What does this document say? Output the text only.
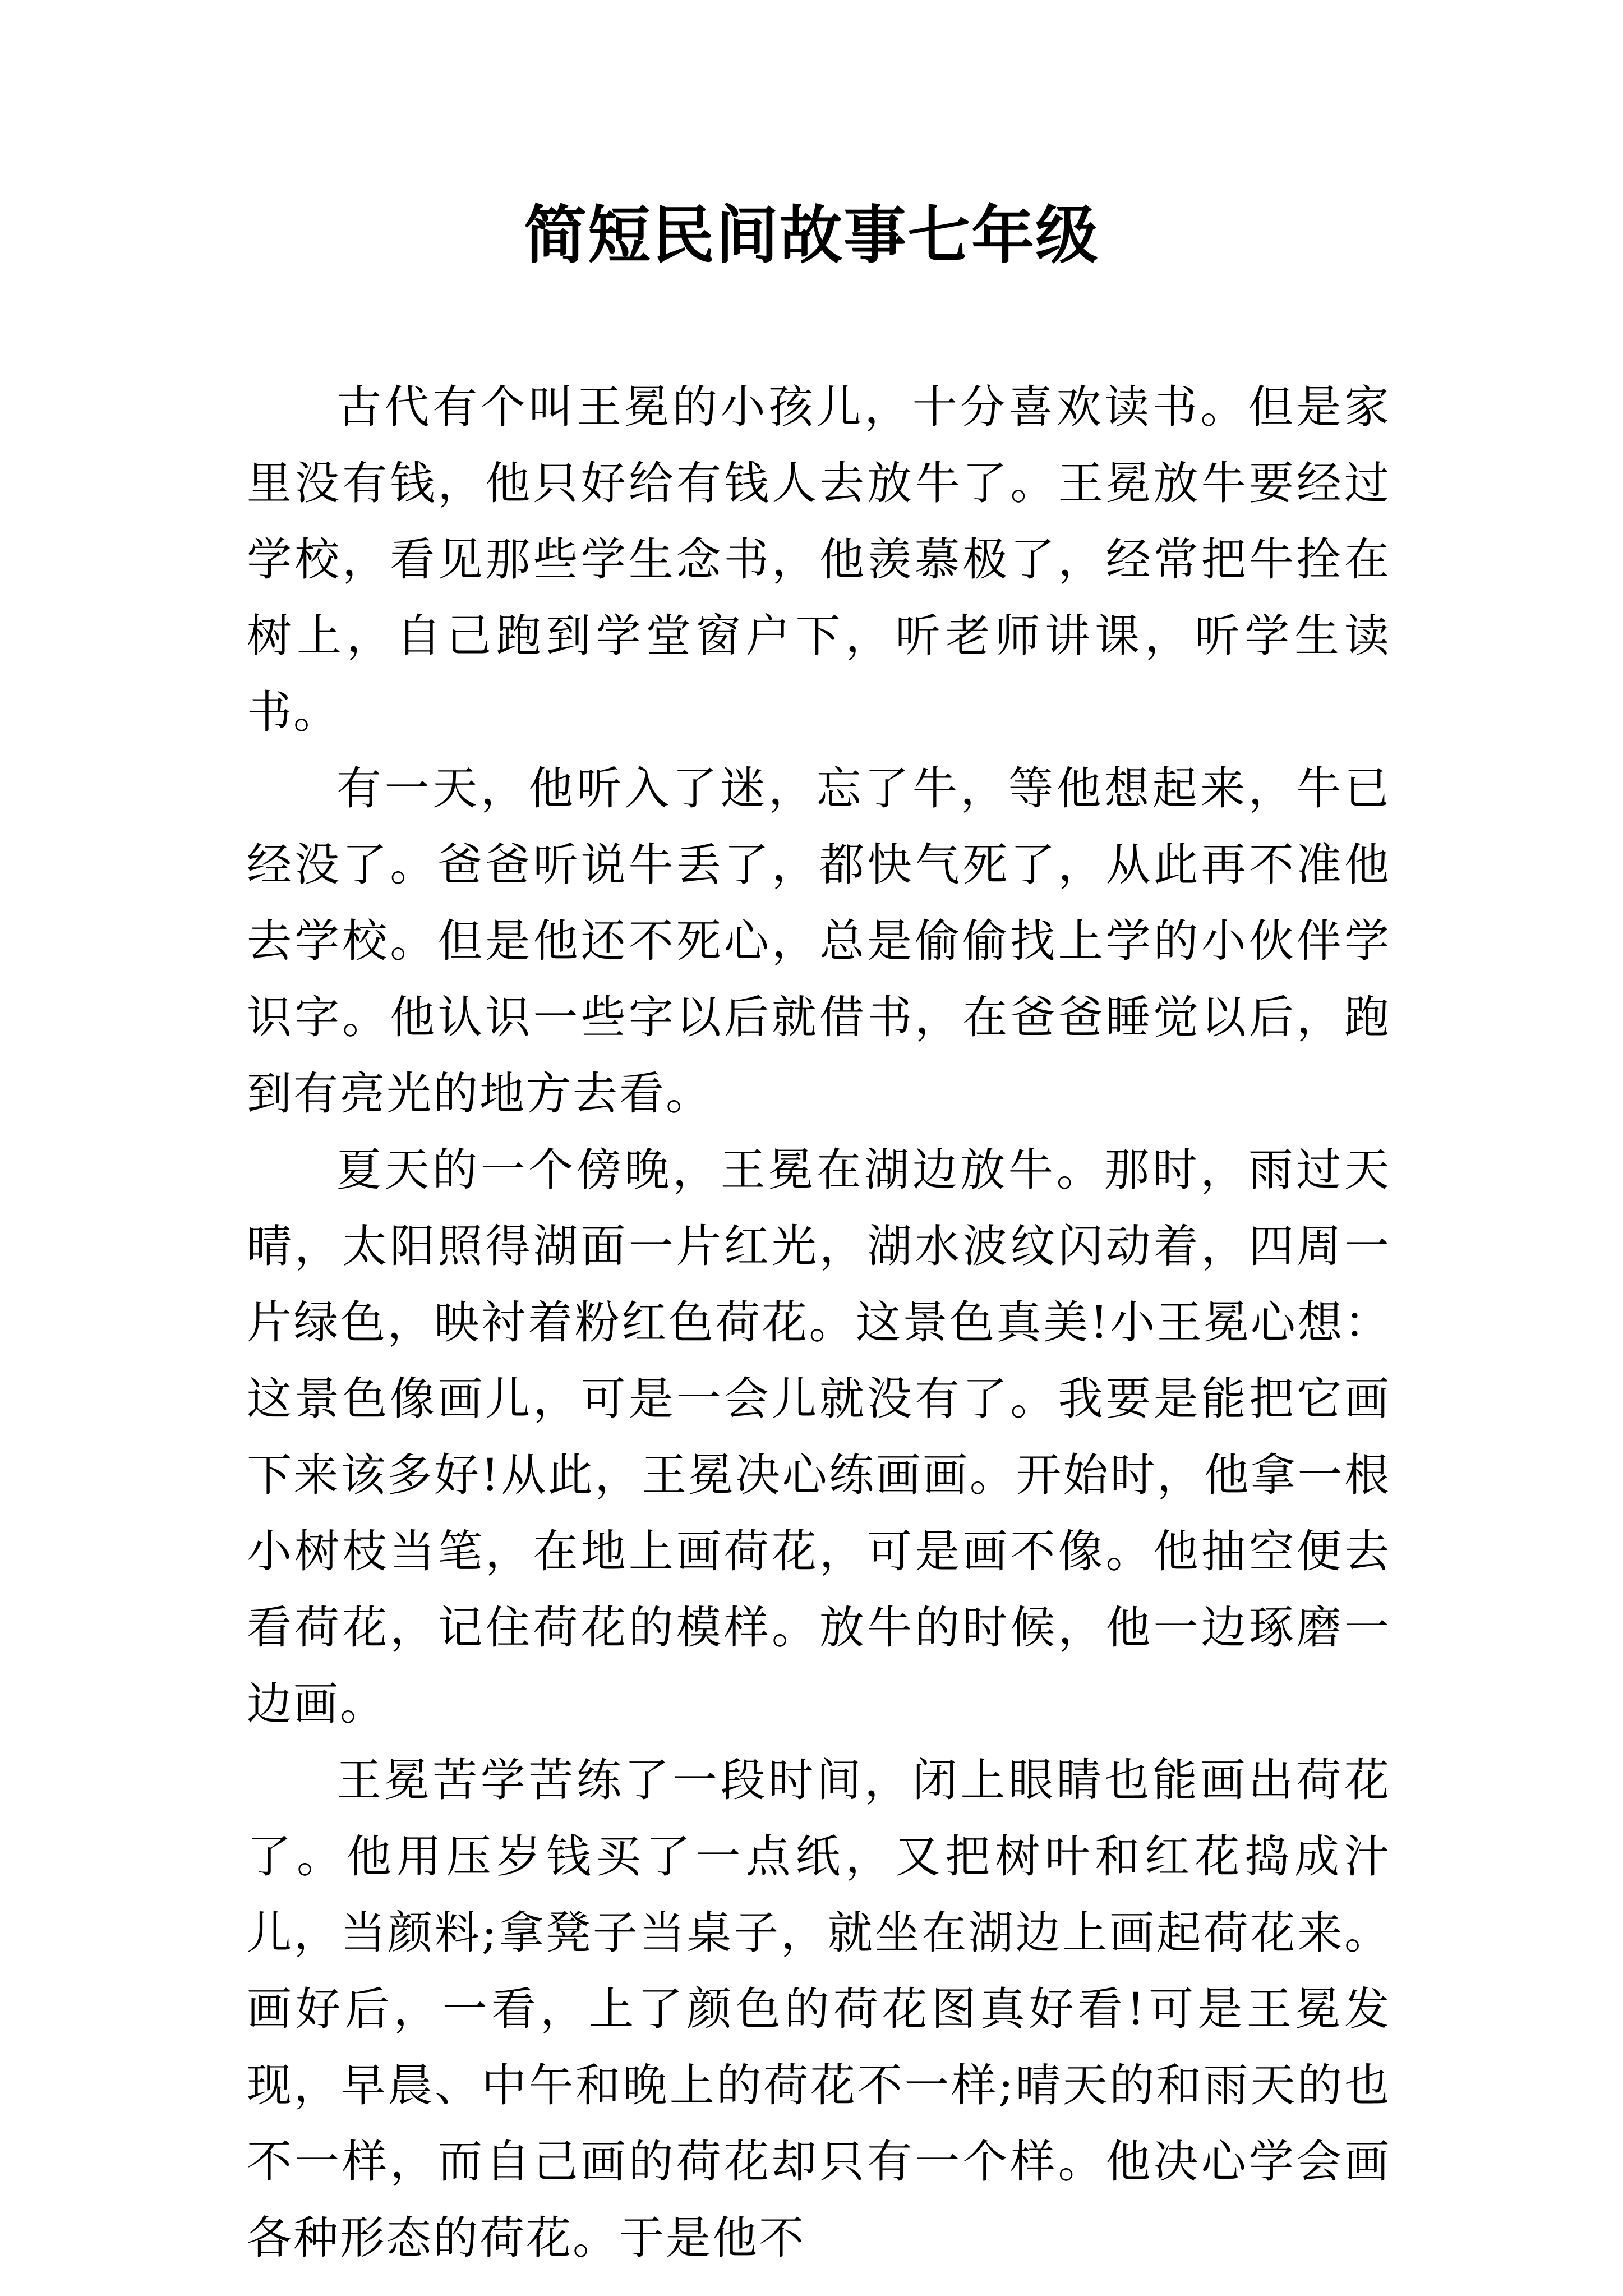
简短民间故事七年级

古代有个叫王冕的小孩儿，十分喜欢读书。但是家里没有钱，他只好给有钱人去放牛了。王冕放牛要经过学校，看见那些学生念书，他羡慕极了，经常把牛拴在树上，自己跑到学堂窗户下，听老师讲课，听学生读书。

有一天，他听入了迷，忘了牛，等他想起来，牛已经没了。爸爸听说牛丢了，都快气死了，从此再不准他去学校。但是他还不死心，总是偷偷找上学的小伙伴学识字。他认识一些字以后就借书，在爸爸睡觉以后，跑到有亮光的地方去看。

夏天的一个傍晚，王冕在湖边放牛。那时，雨过天晴，太阳照得湖面一片红光，湖水波纹闪动着，四周一片绿色，映衬着粉红色荷花。这景色真美!小王冕心想：这景色像画儿，可是一会儿就没有了。我要是能把它画下来该多好!从此，王冕决心练画画。开始时，他拿一根小树枝当笔，在地上画荷花，可是画不像。他抽空便去看荷花，记住荷花的模样。放牛的时候，他一边琢磨一边画。

王冕苦学苦练了一段时间，闭上眼睛也能画出荷花了。他用压岁钱买了一点纸，又把树叶和红花捣成汁儿，当颜料;拿凳子当桌子，就坐在湖边上画起荷花来。画好后，一看，上了颜色的荷花图真好看!可是王冕发现，早晨、中午和晚上的荷花不一样;晴天的和雨天的也不一样，而自己画的荷花却只有一个样。他决心学会画各种形态的荷花。于是他不
